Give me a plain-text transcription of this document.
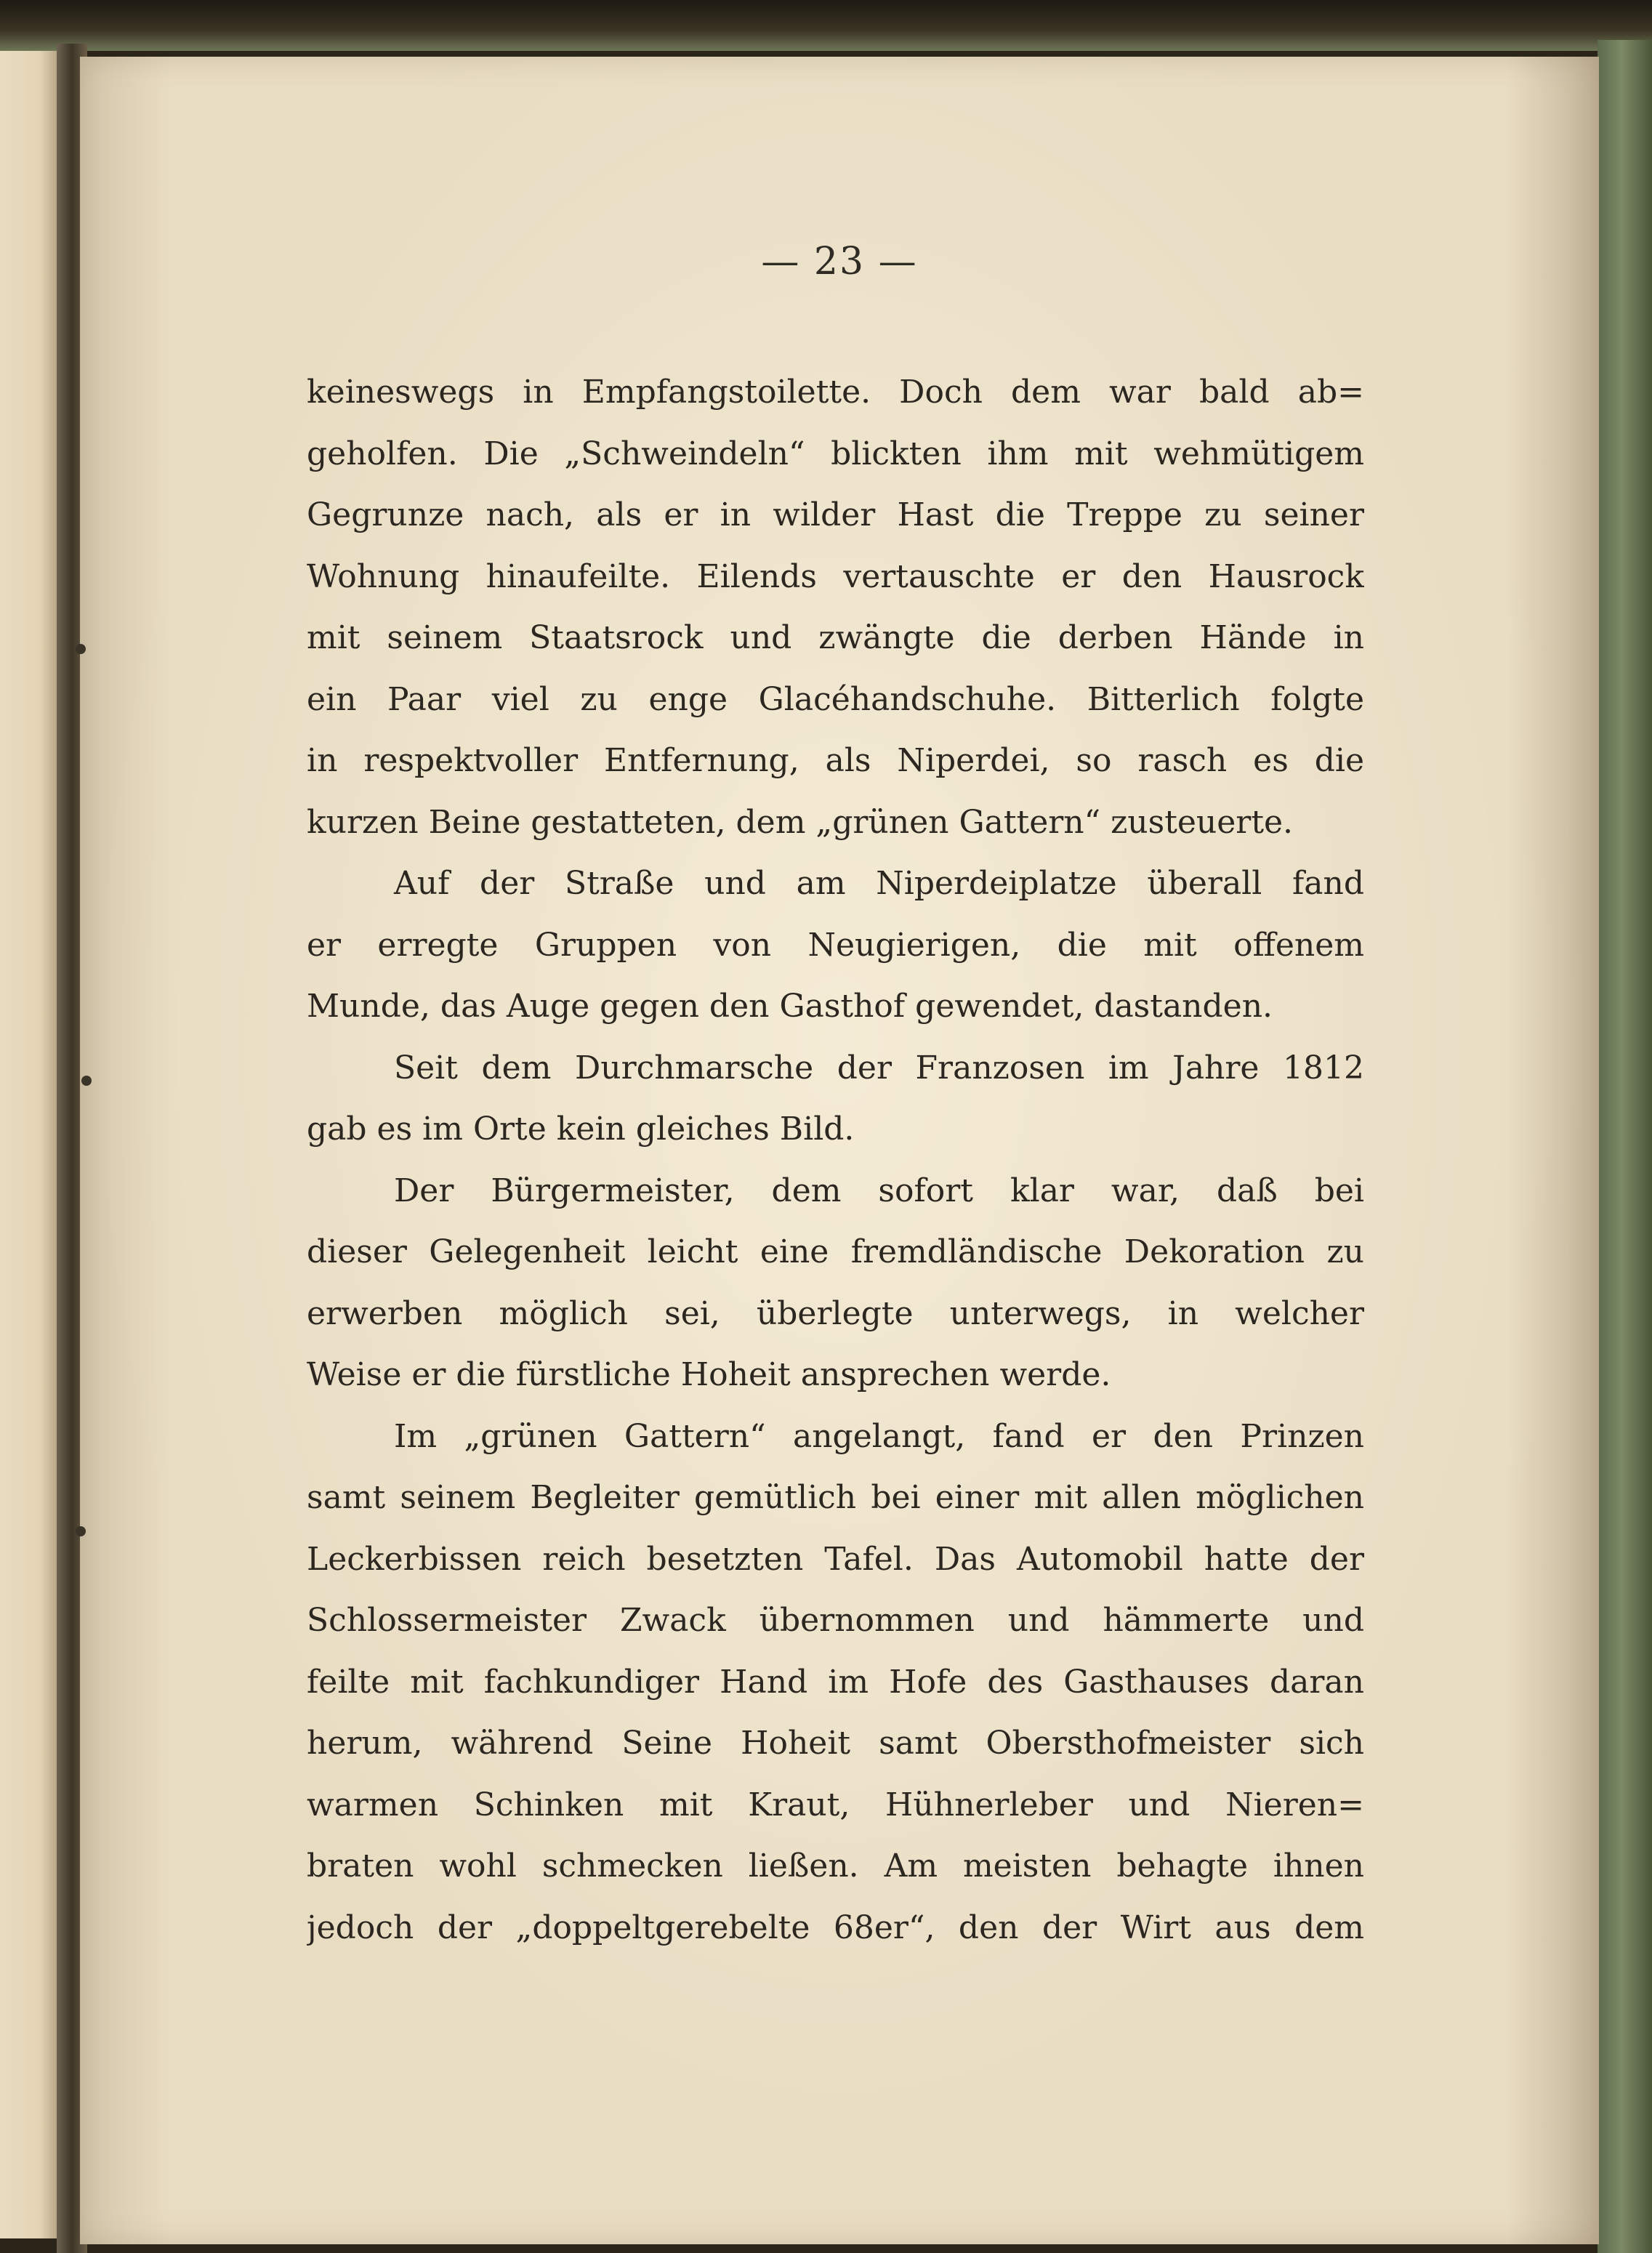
— 23 —
keineswegs in Empfangstoilette. Doch dem war bald ab=
geholfen. Die „Schweindeln“ blickten ihm mit wehmütigem
Gegrunze nach, als er in wilder Hast die Treppe zu seiner
Wohnung hinaufeilte. Eilends vertauschte er den Hausrock
mit seinem Staatsrock und zwängte die derben Hände in
ein Paar viel zu enge Glacéhandschuhe. Bitterlich folgte
in respektvoller Entfernung, als Niperdei, so rasch es die
kurzen Beine gestatteten, dem „grünen Gattern“ zusteuerte.
Auf der Straße und am Niperdeiplatze überall fand
er erregte Gruppen von Neugierigen, die mit offenem
Munde, das Auge gegen den Gasthof gewendet, dastanden.
Seit dem Durchmarsche der Franzosen im Jahre 1812
gab es im Orte kein gleiches Bild.
Der Bürgermeister, dem sofort klar war, daß bei
dieser Gelegenheit leicht eine fremdländische Dekoration zu
erwerben möglich sei, überlegte unterwegs, in welcher
Weise er die fürstliche Hoheit ansprechen werde.
Im „grünen Gattern“ angelangt, fand er den Prinzen
samt seinem Begleiter gemütlich bei einer mit allen möglichen
Leckerbissen reich besetzten Tafel. Das Automobil hatte der
Schlossermeister Zwack übernommen und hämmerte und
feilte mit fachkundiger Hand im Hofe des Gasthauses daran
herum, während Seine Hoheit samt Obersthofmeister sich
warmen Schinken mit Kraut, Hühnerleber und Nieren=
braten wohl schmecken ließen. Am meisten behagte ihnen
jedoch der „doppeltgerebelte 68er“, den der Wirt aus dem
